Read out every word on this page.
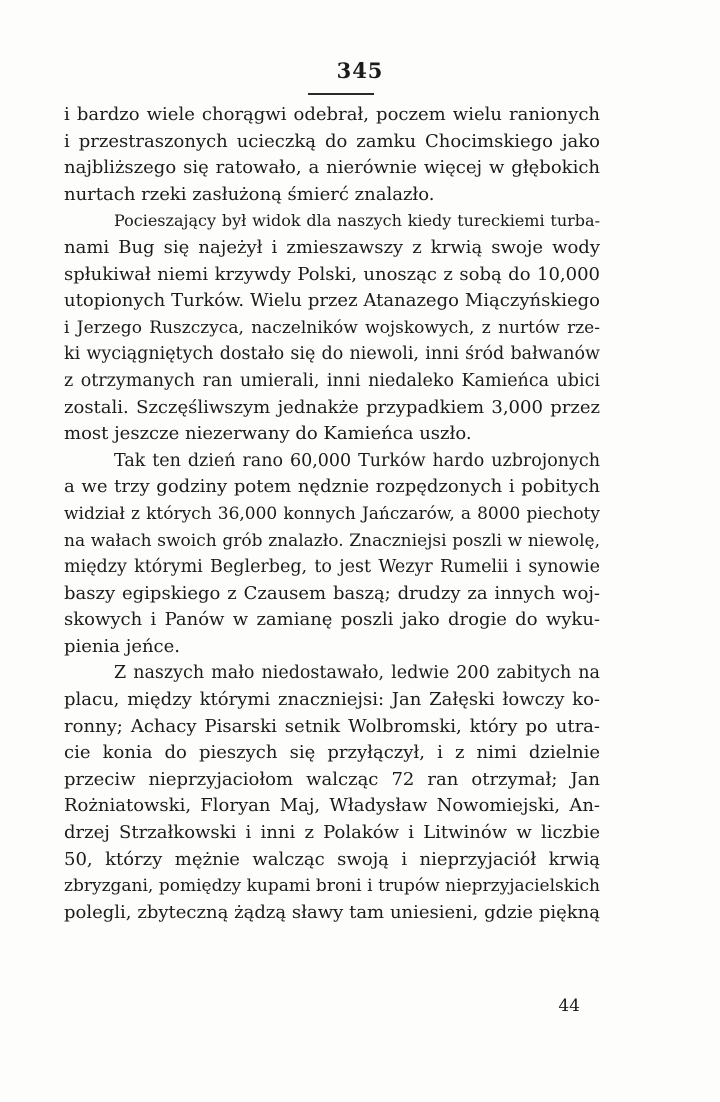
345
i bardzo wiele chorągwi odebrał, poczem wielu ranionych
i przestraszonych ucieczką do zamku Chocimskiego jako
najbliższego się ratowało, a nierównie więcej w głębokich
nurtach rzeki zasłużoną śmierć znalazło.
Pocieszający był widok dla naszych kiedy tureckiemi turba-
nami Bug się najeżył i zmieszawszy z krwią swoje wody
spłukiwał niemi krzywdy Polski, unosząc z sobą do 10,000
utopionych Turków. Wielu przez Atanazego Miączyńskiego
i Jerzego Ruszczyca, naczelników wojskowych, z nurtów rze-
ki wyciągniętych dostało się do niewoli, inni śród bałwanów
z otrzymanych ran umierali, inni niedaleko Kamieńca ubici
zostali. Szczęśliwszym jednakże przypadkiem 3,000 przez
most jeszcze niezerwany do Kamieńca uszło.
Tak ten dzień rano 60,000 Turków hardo uzbrojonych
a we trzy godziny potem nędznie rozpędzonych i pobitych
widział z których 36,000 konnych Jańczarów, a 8000 piechoty
na wałach swoich grób znalazło. Znaczniejsi poszli w niewolę,
między którymi Beglerbeg, to jest Wezyr Rumelii i synowie
baszy egipskiego z Czausem baszą; drudzy za innych woj-
skowych i Panów w zamianę poszli jako drogie do wyku-
pienia jeńce.
Z naszych mało niedostawało, ledwie 200 zabitych na
placu, między którymi znaczniejsi: Jan Załęski łowczy ko-
ronny; Achacy Pisarski setnik Wolbromski, który po utra-
cie konia do pieszych się przyłączył, i z nimi dzielnie
przeciw nieprzyjaciołom walcząc 72 ran otrzymał; Jan
Rożniatowski, Floryan Maj, Władysław Nowomiejski, An-
drzej Strzałkowski i inni z Polaków i Litwinów w liczbie
50, którzy mężnie walcząc swoją i nieprzyjaciół krwią
zbryzgani, pomiędzy kupami broni i trupów nieprzyjacielskich
polegli, zbyteczną żądzą sławy tam uniesieni, gdzie piękną
44
